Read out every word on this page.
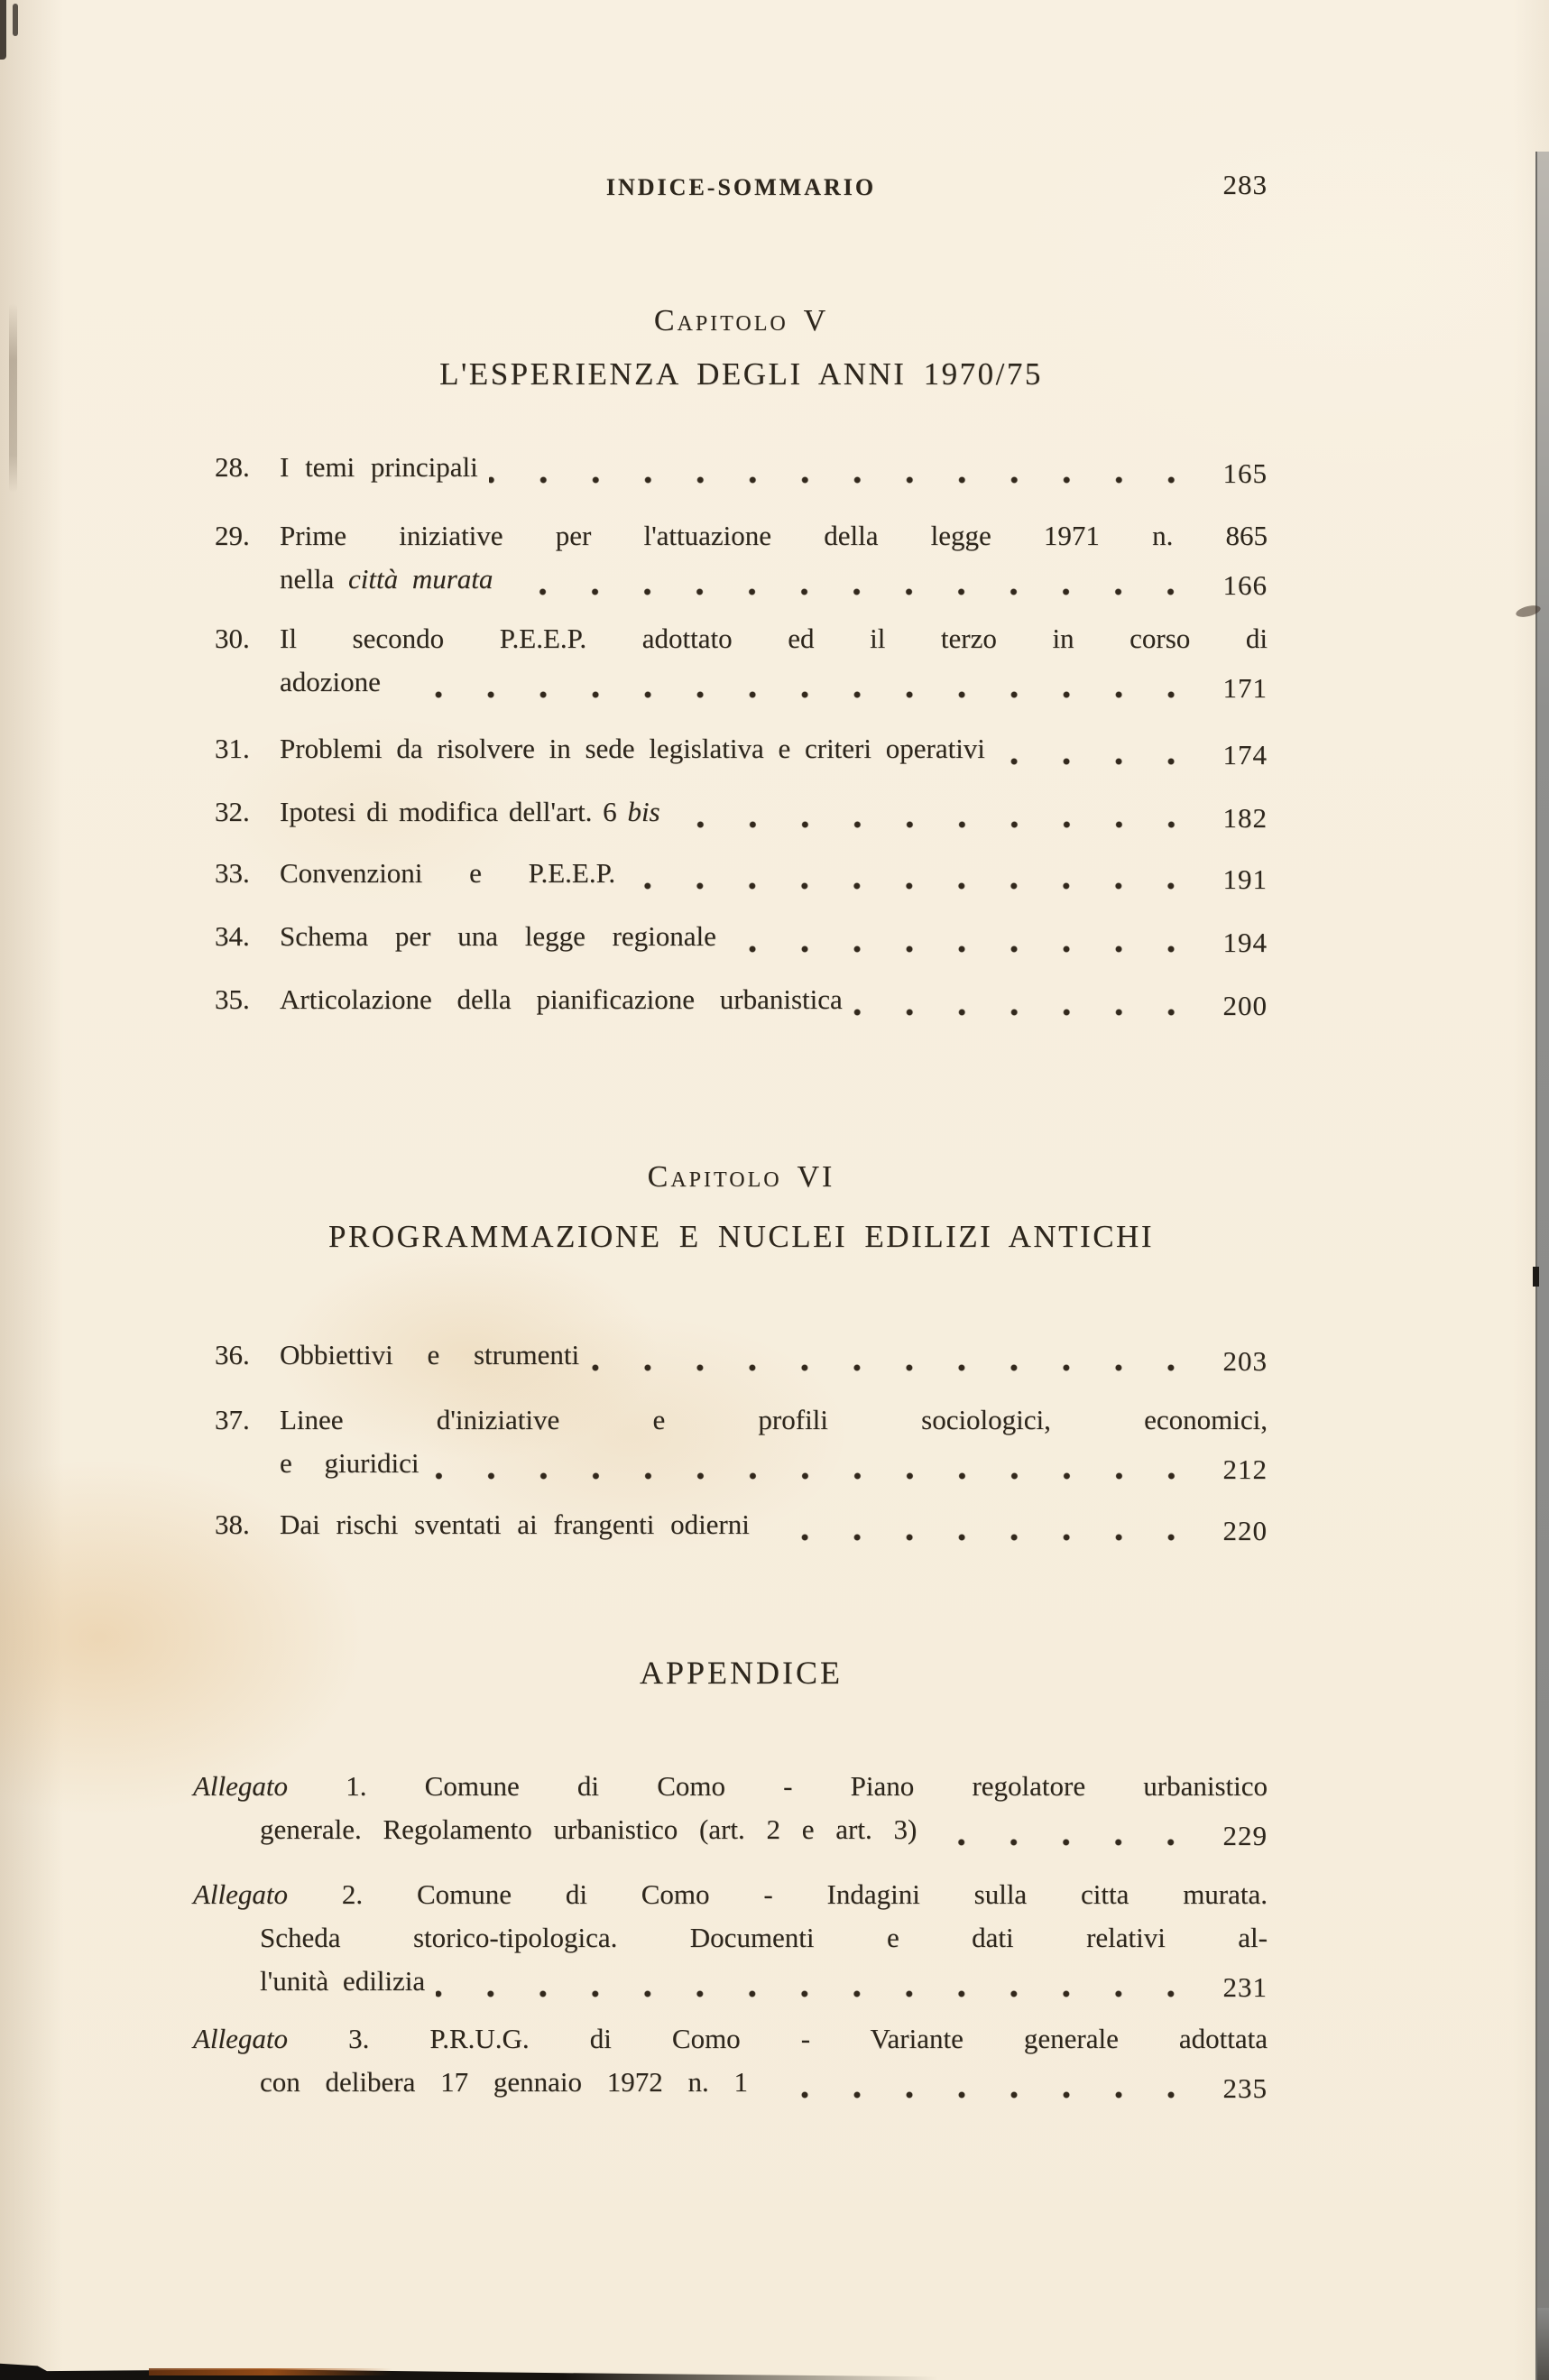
INDICE-SOMMARIO	283
Capitolo V
L'ESPERIENZA DEGLI ANNI 1970/75
28.	I temi principali	165
29.	Prime iniziative per l'attuazione della legge 1971 n. 865
nella città murata	166
30.	Il secondo P.E.E.P. adottato ed il terzo in corso di
adozione	171
31.	Problemi da risolvere in sede legislativa e criteri operativi	174
32.	Ipotesi di modifica dell'art. 6 bis	182
33.	Convenzioni e P.E.E.P.	191
34.	Schema per una legge regionale	194
35.	Articolazione della pianificazione urbanistica	200
Capitolo VI
PROGRAMMAZIONE E NUCLEI EDILIZI ANTICHI
36.	Obbiettivi e strumenti	203
37.	Linee d'iniziative e profili sociologici, economici,
e giuridici	212
38.	Dai rischi sventati ai frangenti odierni	220
APPENDICE
Allegato 1. Comune di Como - Piano regolatore urbanistico
generale. Regolamento urbanistico (art. 2 e art. 3)	229
Allegato 2. Comune di Como - Indagini sulla citta murata.
Scheda storico-tipologica. Documenti e dati relativi al-
l'unità edilizia	231
Allegato 3. P.R.U.G. di Como - Variante generale adottata
con delibera 17 gennaio 1972 n. 1	235
